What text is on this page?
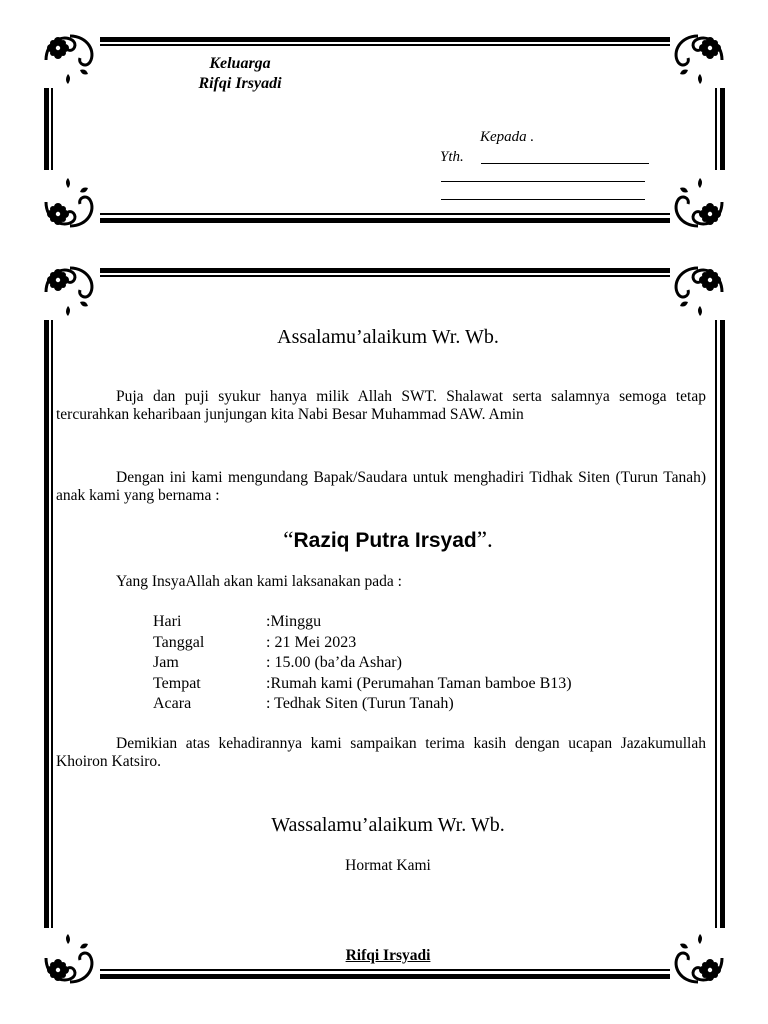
Keluarga
Rifqi Irsyadi
Kepada .
Yth.
Assalamu’alaikum Wr. Wb.
Puja dan puji syukur hanya milik Allah SWT. Shalawat serta salamnya semoga tetap tercurahkan keharibaan junjungan kita Nabi Besar Muhammad SAW. Amin
Dengan ini kami mengundang Bapak/Saudara untuk menghadiri Tidhak Siten (Turun Tanah) anak kami yang bernama :
“Raziq Putra Irsyad”.
Yang InsyaAllah akan kami laksanakan pada :
Hari	:Minggu
Tanggal	: 21 Mei 2023
Jam	: 15.00 (ba’da Ashar)
Tempat	:Rumah kami (Perumahan Taman bamboe B13)
Acara	: Tedhak Siten (Turun Tanah)
Demikian atas kehadirannya kami sampaikan terima kasih dengan ucapan Jazakumullah Khoiron Katsiro.
Wassalamu’alaikum Wr. Wb.
Hormat Kami
Rifqi Irsyadi
